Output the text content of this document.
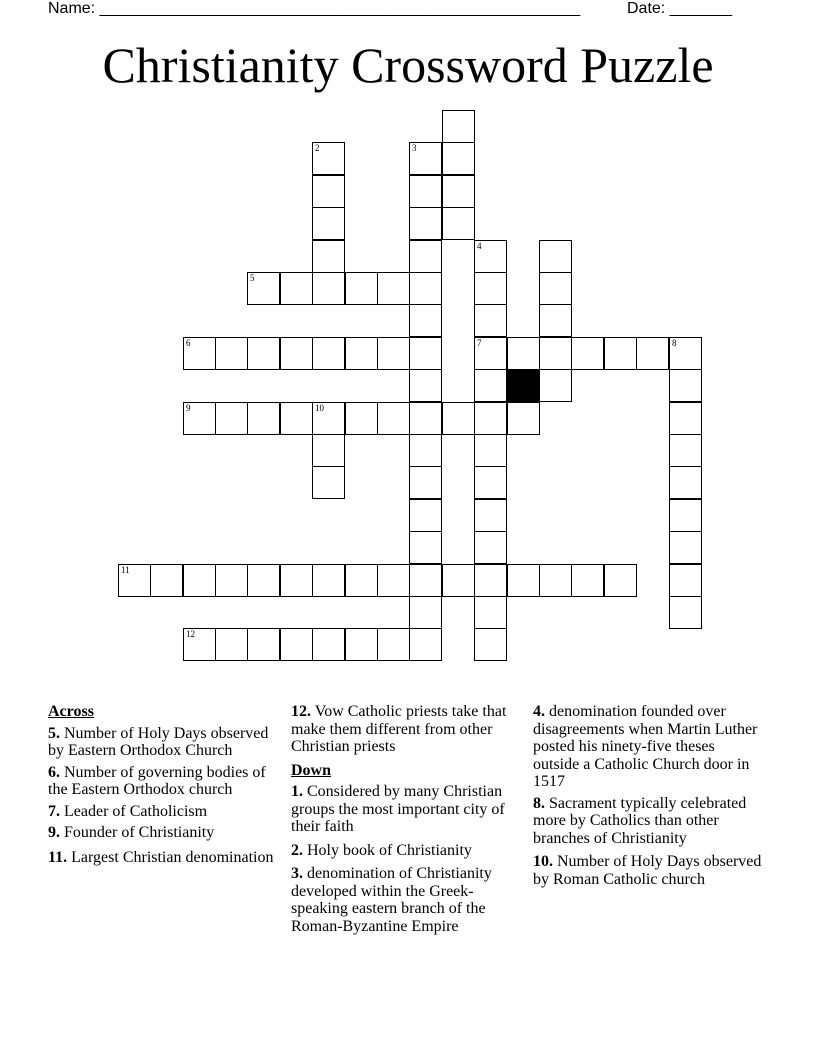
Name: ______________________________________________________	Date: _______
Christianity Crossword Puzzle
2	3
4
5
6	7	8
9	10
11
12
Across
5. Number of Holy Days observed by Eastern Orthodox Church
6. Number of governing bodies of the Eastern Orthodox church
7. Leader of Catholicism
9. Founder of Christianity
11. Largest Christian denomination
12. Vow Catholic priests take that make them different from other Christian priests
Down
1. Considered by many Christian groups the most important city of their faith
2. Holy book of Christianity
3. denomination of Christianity developed within the Greek-speaking eastern branch of the Roman-Byzantine Empire
4. denomination founded over disagreements when Martin Luther posted his ninety-five theses outside a Catholic Church door in 1517
8. Sacrament typically celebrated more by Catholics than other branches of Christianity
10. Number of Holy Days observed by Roman Catholic church
